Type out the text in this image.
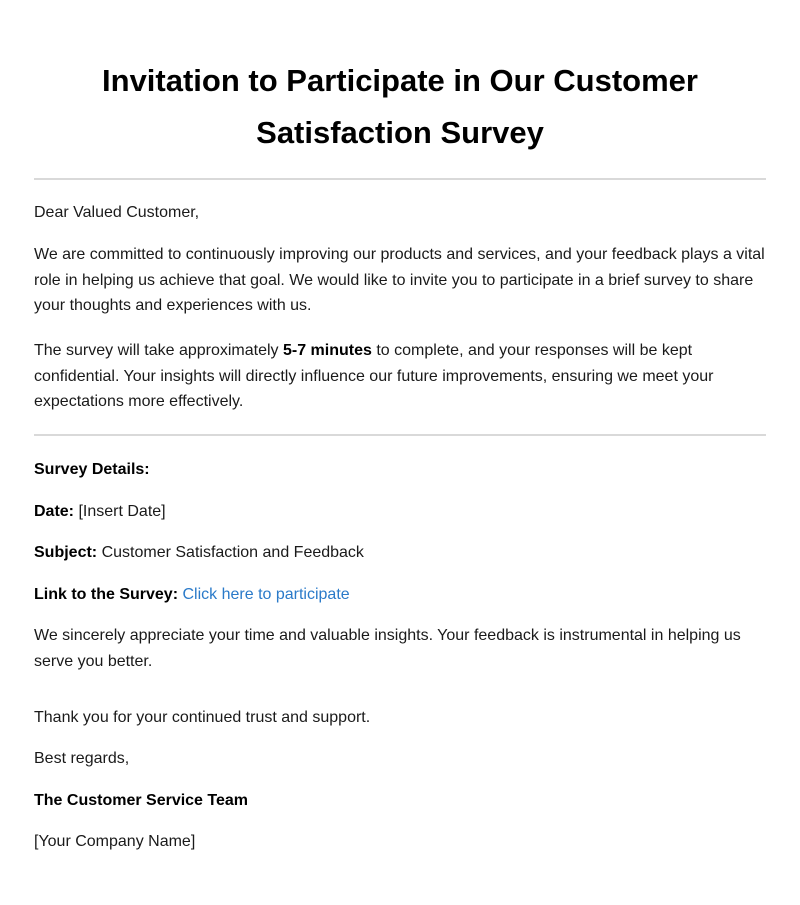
Invitation to Participate in Our Customer Satisfaction Survey

Dear Valued Customer,

We are committed to continuously improving our products and services, and your feedback plays a vital role in helping us achieve that goal. We would like to invite you to participate in a brief survey to share your thoughts and experiences with us.

The survey will take approximately 5-7 minutes to complete, and your responses will be kept confidential. Your insights will directly influence our future improvements, ensuring we meet your expectations more effectively.

Survey Details:

Date: [Insert Date]

Subject: Customer Satisfaction and Feedback

Link to the Survey: Click here to participate

We sincerely appreciate your time and valuable insights. Your feedback is instrumental in helping us serve you better.

Thank you for your continued trust and support.

Best regards,

The Customer Service Team

[Your Company Name]
